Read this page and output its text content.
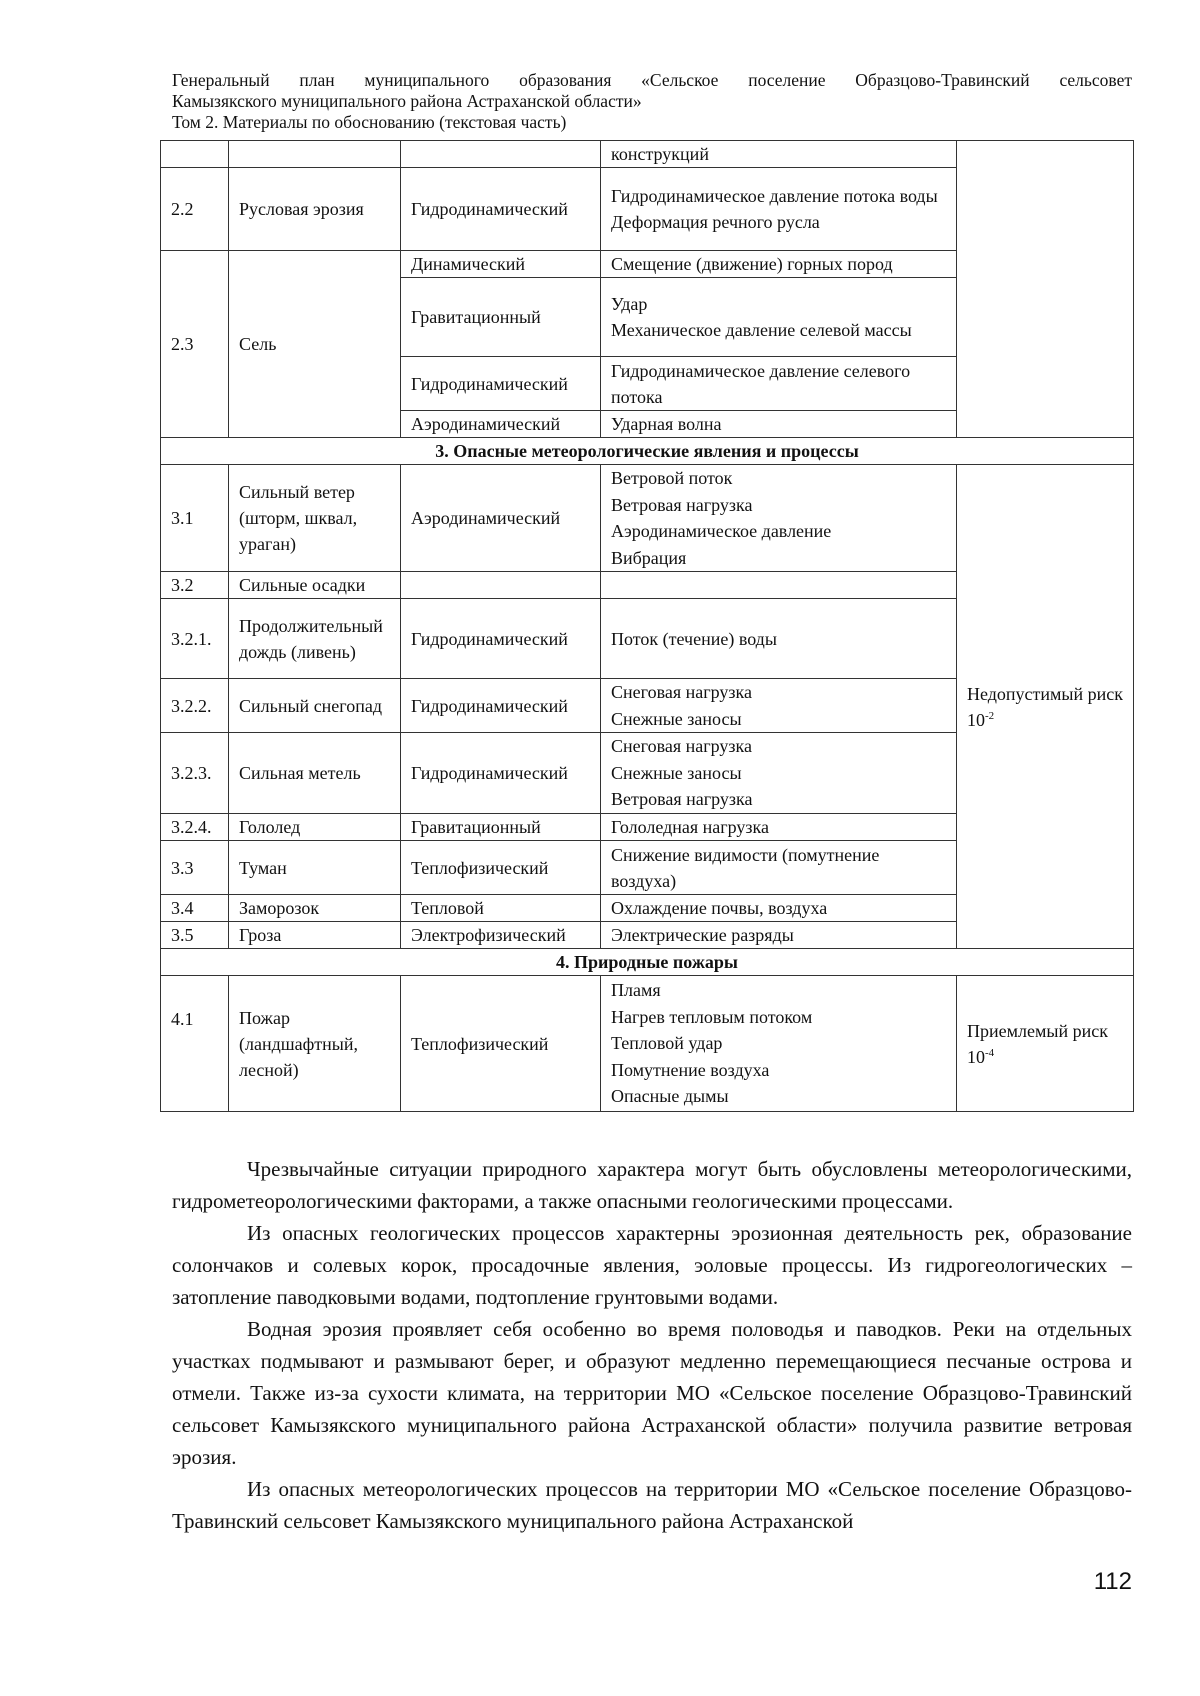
Генеральный план муниципального образования «Сельское поселение Образцово-Травинский сельсовет
Камызякского муниципального района Астраханской области»
Том 2. Материалы по обоснованию (текстовая часть)
			конструкций	
2.2	Русловая эрозия	Гидродинамический	Гидродинамическое давление потока воды
Деформация речного русла	

2.3	Сель	Динамический	Смещение (движение) горных пород	
		Гравитационный	Удар
Механическое давление селевой массы	

		Гидродинамический	Гидродинамическое давление селевого потока	
		Аэродинамический	Ударная волна	
3. Опасные метеорологические явления и процессы				
3.1	Сильный ветер (шторм, шквал, ураган)	Аэродинамический	Ветровой поток
Ветровая нагрузка
Аэродинамическое давление
Вибрация	Недопустимый риск $10^{-2}$
3.2	Сильные осадки			
3.2.1.	Продолжительный дождь (ливень)	Гидродинамический	Поток (течение) воды	
3.2.2.	Сильный снегопад	Гидродинамический	Снеговая нагрузка
Снежные заносы	

3.2.3.	Сильная метель	Гидродинамический	Снеговая нагрузка
Снежные заносы
Ветровая нагрузка	

3.2.4.	Гололед	Гравитационный	Гололедная нагрузка	
3.3	Туман	Теплофизический	Снижение видимости (помутнение воздуха)	
3.4	Заморозок	Тепловой	Охлаждение почвы, воздуха	
3.5	Гроза	Электрофизический	Электрические разряды	
4. Природные пожары				
4.1	Пожар (ландшафтный, лесной)	Теплофизический	Пламя
Нагрев тепловым потоком
Тепловой удар
Помутнение воздуха
Опасные дымы	Приемлемый риск $10^{-4}$

Чрезвычайные ситуации природного характера могут быть обусловлены метеорологическими, гидрометеорологическими факторами, а также опасными геологическими процессами.

Из опасных геологических процессов характерны эрозионная деятельность рек, образование солончаков и солевых корок, просадочные явления, эоловые процессы. Из гидрогеологических – затопление паводковыми водами, подтопление грунтовыми водами.

Водная эрозия проявляет себя особенно во время половодья и паводков. Реки на отдельных участках подмывают и размывают берег, и образуют медленно перемещающиеся песчаные острова и отмели. Также из-за сухости климата, на территории МО «Сельское поселение Образцово-Травинский сельсовет Камызякского муниципального района Астраханской области» получила развитие ветровая эрозия.

Из опасных метеорологических процессов на территории МО «Сельское поселение Образцово-Травинский сельсовет Камызякского муниципального района Астраханской

112
